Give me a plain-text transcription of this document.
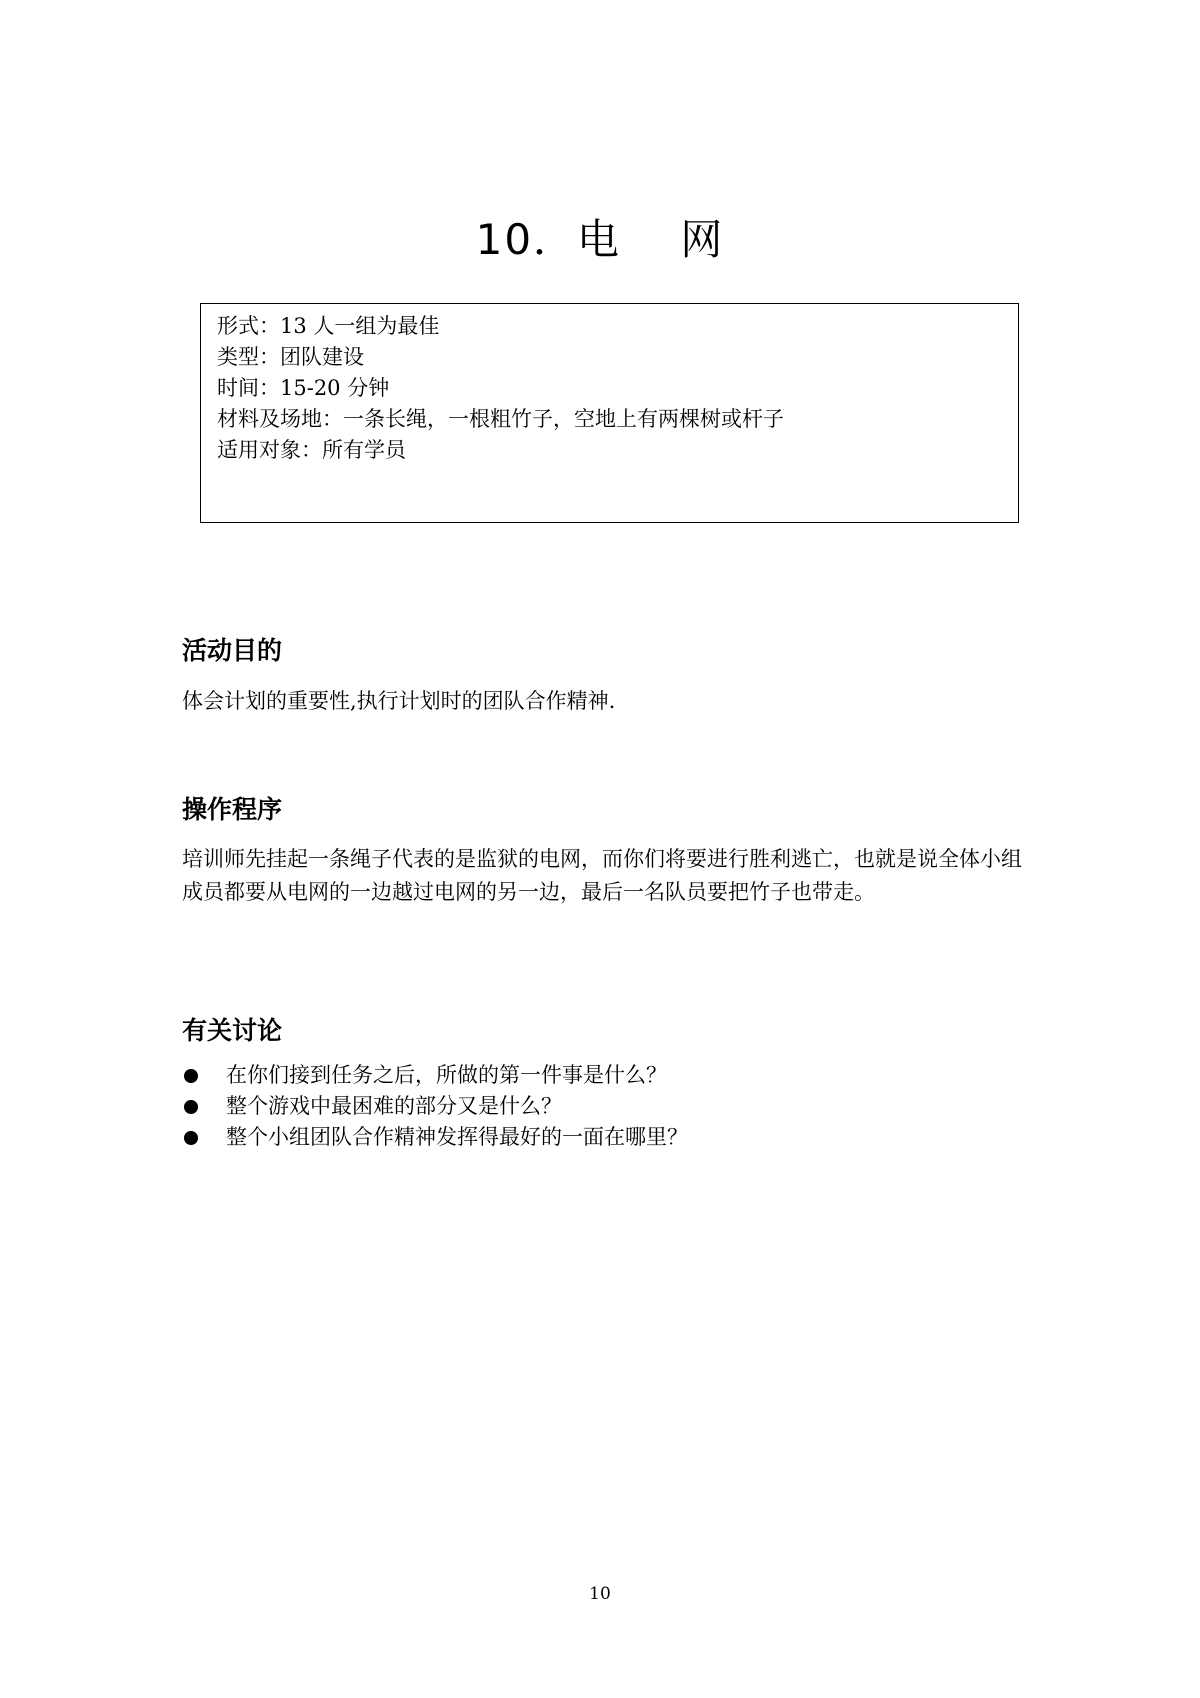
10．电　 网
形式：13 人一组为最佳
类型：团队建设
时间：15-20 分钟
材料及场地：一条长绳，一根粗竹子，空地上有两棵树或杆子
适用对象：所有学员
活动目的
体会计划的重要性,执行计划时的团队合作精神.
操作程序
培训师先挂起一条绳子代表的是监狱的电网，而你们将要进行胜利逃亡，也就是说全体小组成员都要从电网的一边越过电网的另一边，最后一名队员要把竹子也带走。
有关讨论
在你们接到任务之后，所做的第一件事是什么？
整个游戏中最困难的部分又是什么？
整个小组团队合作精神发挥得最好的一面在哪里？
10
